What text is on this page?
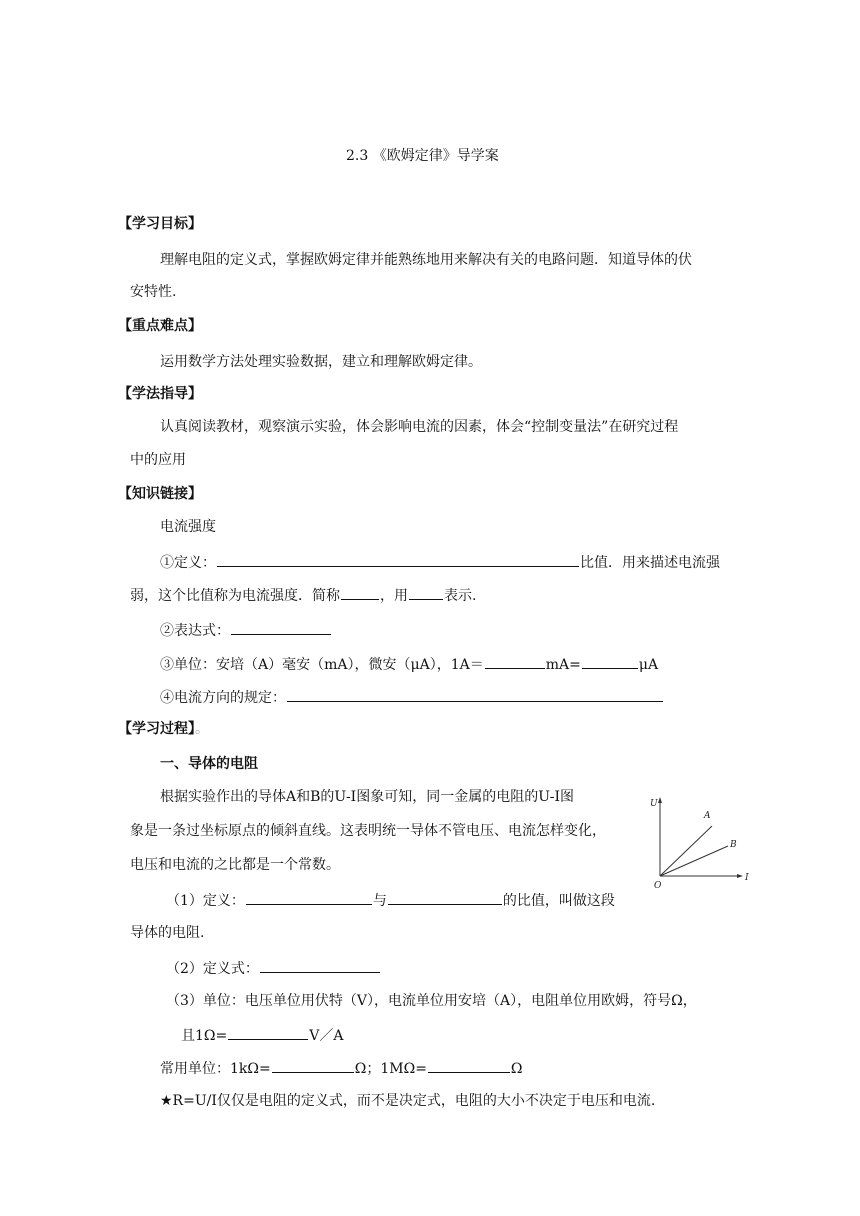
2.3 《欧姆定律》导学案
【学习目标】
理解电阻的定义式，掌握欧姆定律并能熟练地用来解决有关的电路问题．知道导体的伏
安特性.
【重点难点】
运用数学方法处理实验数据，建立和理解欧姆定律。
【学法指导】
认真阅读教材，观察演示实验，体会影响电流的因素，体会“控制变量法”在研究过程
中的应用
【知识链接】
电流强度
①定义：	比值．用来描述电流强
弱，这个比值称为电流强度．简称	，用	表示.
②表达式：
③单位：安培（A）毫安（mA），微安（μA），1A＝	mA=	μA
④电流方向的规定：
【学习过程】。
一、导体的电阻
根据实验作出的导体A和B的U-I图象可知，同一金属的电阻的U-I图
象是一条过坐标原点的倾斜直线。这表明统一导体不管电压、电流怎样变化，
电压和电流的之比都是一个常数。
U
I
O
A
B
（1）定义：	与	的比值，叫做这段
导体的电阻.
（2）定义式：
（3）单位：电压单位用伏特（V），电流单位用安培（A），电阻单位用欧姆，符号Ω，
且1Ω=	V／A
常用单位：1kΩ=	Ω；1MΩ=	Ω
★R=U/I仅仅是电阻的定义式，而不是决定式，电阻的大小不决定于电压和电流.
